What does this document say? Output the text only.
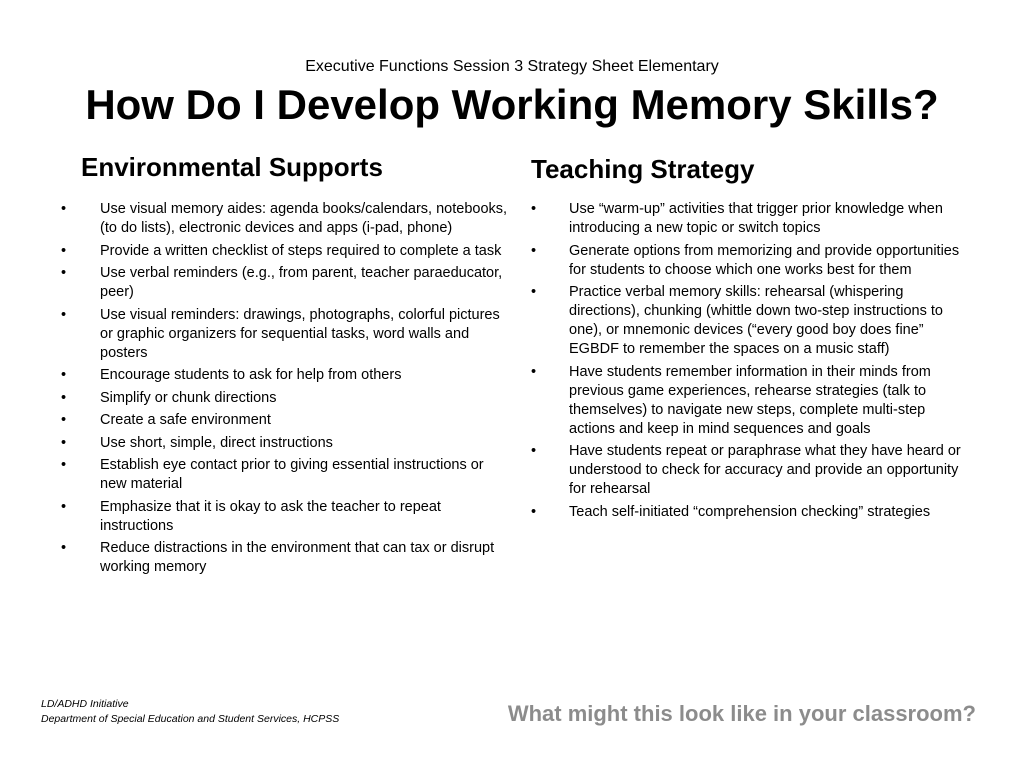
Executive Functions Session 3 Strategy Sheet Elementary
How Do I Develop Working Memory Skills?
Environmental Supports	Teaching Strategy
• Use visual memory aides: agenda books/calendars, notebooks, (to do lists), electronic devices and apps (i-pad, phone)
• Provide a written checklist of steps required to complete a task
• Use verbal reminders (e.g., from parent, teacher paraeducator, peer)
• Use visual reminders: drawings, photographs, colorful pictures or graphic organizers for sequential tasks, word walls and posters
• Encourage students to ask for help from others
• Simplify or chunk directions
• Create a safe environment
• Use short, simple, direct instructions
• Establish eye contact prior to giving essential instructions or new material
• Emphasize that it is okay to ask the teacher to repeat instructions
• Reduce distractions in the environment that can tax or disrupt working memory
• Use “warm-up” activities that trigger prior knowledge when introducing a new topic or switch topics
• Generate options from memorizing and provide opportunities for students to choose which one works best for them
• Practice verbal memory skills: rehearsal (whispering directions), chunking (whittle down two-step instructions to one), or mnemonic devices (“every good boy does fine” EGBDF to remember the spaces on a music staff)
• Have students remember information in their minds from previous game experiences, rehearse strategies (talk to themselves) to navigate new steps, complete multi-step actions and keep in mind sequences and goals
• Have students repeat or paraphrase what they have heard or understood to check for accuracy and provide an opportunity for rehearsal
• Teach self-initiated “comprehension checking” strategies
LD/ADHD Initiative
Department of Special Education and Student Services, HCPSS	What might this look like in your classroom?
